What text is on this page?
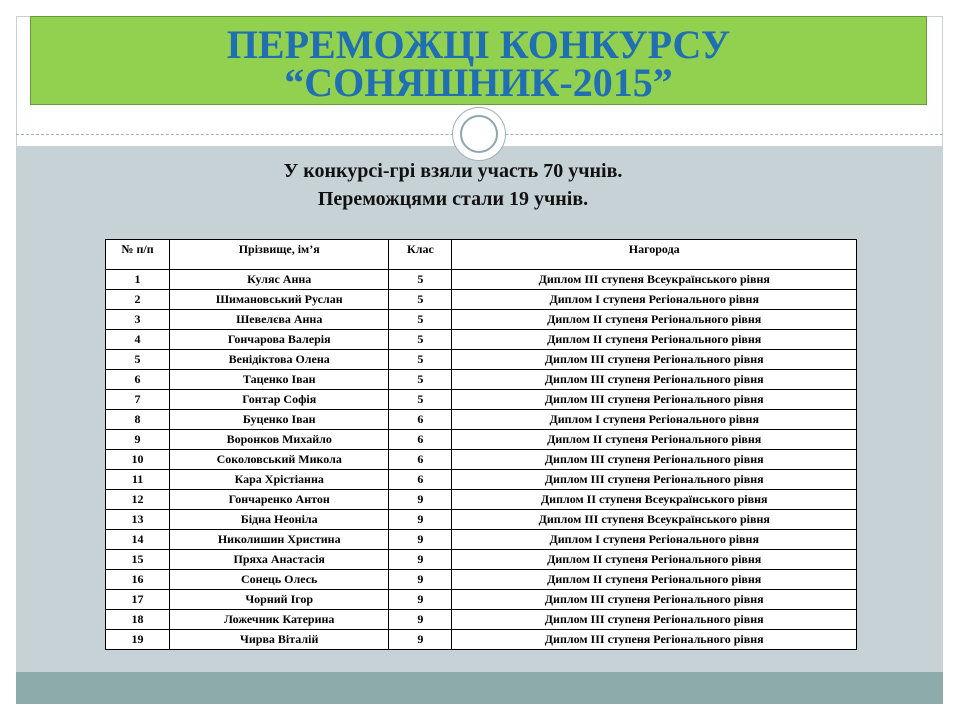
ПЕРЕМОЖЦІ КОНКУРСУ
“СОНЯШНИК-2015”
У конкурсі-грі взяли участь 70 учнів.
Переможцями стали 19 учнів.
№ п/п	Прізвище, ім’я	Клас	Нагорода
1	Куляс Анна	5	Диплом ІІІ ступеня Всеукраїнського рівня
2	Шимановський Руслан	5	Диплом І ступеня Регіонального рівня
3	Шевелєва Анна	5	Диплом ІІ ступеня Регіонального рівня
4	Гончарова Валерія	5	Диплом ІІ ступеня Регіонального рівня
5	Венідiктова Олена	5	Диплом ІІІ ступеня Регіонального рівня
6	Таценко Іван	5	Диплом ІІІ ступеня Регіонального рівня
7	Гонтар Софія	5	Диплом ІІІ ступеня Регіонального рівня
8	Буценко Іван	6	Диплом І ступеня Регіонального рівня
9	Воронков Михайло	6	Диплом ІІ ступеня Регіонального рівня
10	Соколовський Микола	6	Диплом ІІІ ступеня Регіонального рівня
11	Кара Хрістіанна	6	Диплом ІІІ ступеня Регіонального рівня
12	Гончаренко Антон	9	Диплом ІІ ступеня Всеукраїнського рівня
13	Бідна Неоніла	9	Диплом ІІІ ступеня Всеукраїнського рівня
14	Николишин Христина	9	Диплом І ступеня Регіонального рівня
15	Пряха Анастасія	9	Диплом ІІ ступеня Регіонального рівня
16	Сонець Олесь	9	Диплом ІІ ступеня Регіонального рівня
17	Чорний Ігор	9	Диплом ІІІ ступеня Регіонального рівня
18	Ложечник Катерина	9	Диплом ІІІ ступеня Регіонального рівня
19	Чирва Віталій	9	Диплом ІІІ ступеня Регіонального рівня
